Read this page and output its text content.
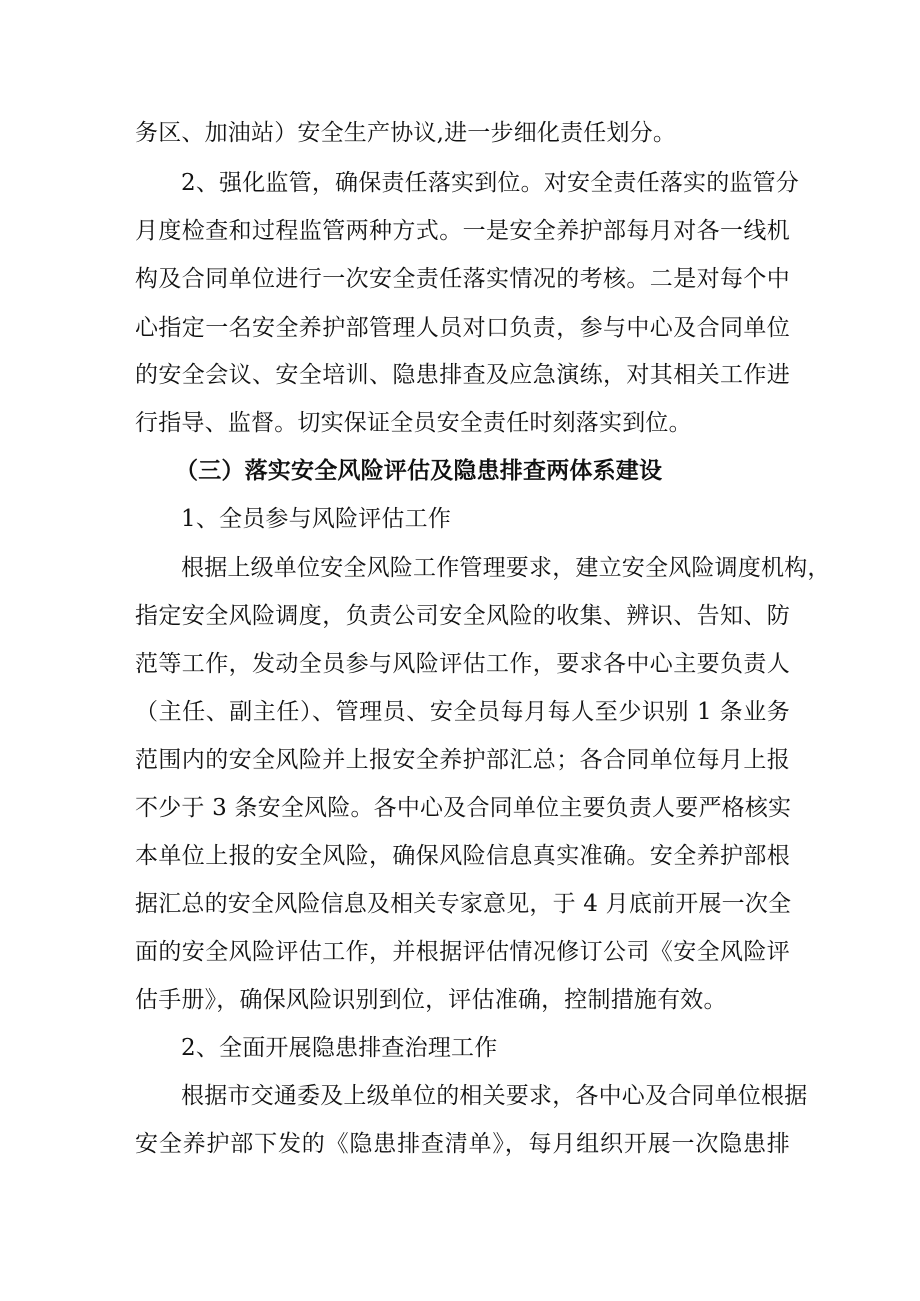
务区、加油站）安全生产协议,进一步细化责任划分。
2、强化监管，确保责任落实到位。对安全责任落实的监管分
月度检查和过程监管两种方式。一是安全养护部每月对各一线机
构及合同单位进行一次安全责任落实情况的考核。二是对每个中
心指定一名安全养护部管理人员对口负责，参与中心及合同单位
的安全会议、安全培训、隐患排查及应急演练，对其相关工作进
行指导、监督。切实保证全员安全责任时刻落实到位。
（三）落实安全风险评估及隐患排查两体系建设
1、全员参与风险评估工作
根据上级单位安全风险工作管理要求，建立安全风险调度机构，
指定安全风险调度，负责公司安全风险的收集、辨识、告知、防
范等工作，发动全员参与风险评估工作，要求各中心主要负责人
（主任、副主任）、管理员、安全员每月每人至少识别 1 条业务
范围内的安全风险并上报安全养护部汇总；各合同单位每月上报
不少于 3 条安全风险。各中心及合同单位主要负责人要严格核实
本单位上报的安全风险，确保风险信息真实准确。安全养护部根
据汇总的安全风险信息及相关专家意见，于 4 月底前开展一次全
面的安全风险评估工作，并根据评估情况修订公司《安全风险评
估手册》，确保风险识别到位，评估准确，控制措施有效。
2、全面开展隐患排查治理工作
根据市交通委及上级单位的相关要求，各中心及合同单位根据
安全养护部下发的《隐患排查清单》，每月组织开展一次隐患排
